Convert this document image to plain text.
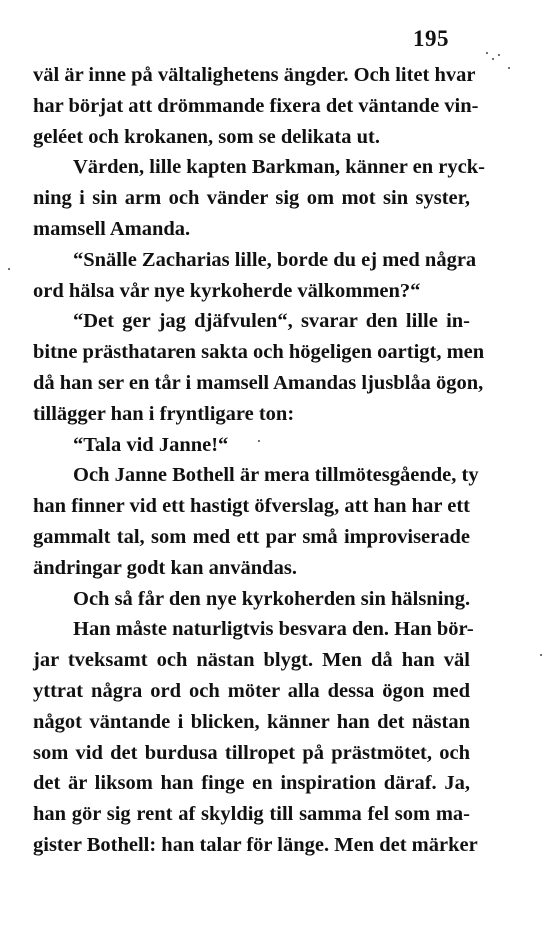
195
väl är inne på vältalighetens ängder. Och litet hvar
har börjat att drömmande fixera det väntande vin-
geléet och krokanen, som se delikata ut.
Värden, lille kapten Barkman, känner en ryck-
ning i sin arm och vänder sig om mot sin syster,
mamsell Amanda.
“Snälle Zacharias lille, borde du ej med några
ord hälsa vår nye kyrkoherde välkommen?“
“Det ger jag djäfvulen“, svarar den lille in-
bitne prästhataren sakta och högeligen oartigt, men
då han ser en tår i mamsell Amandas ljusblåa ögon,
tillägger han i fryntligare ton:
“Tala vid Janne!“
Och Janne Bothell är mera tillmötesgående, ty
han finner vid ett hastigt öfverslag, att han har ett
gammalt tal, som med ett par små improviserade
ändringar godt kan användas.
Och så får den nye kyrkoherden sin hälsning.
Han måste naturligtvis besvara den. Han bör-
jar tveksamt och nästan blygt. Men då han väl
yttrat några ord och möter alla dessa ögon med
något väntande i blicken, känner han det nästan
som vid det burdusa tillropet på prästmötet, och
det är liksom han finge en inspiration däraf. Ja,
han gör sig rent af skyldig till samma fel som ma-
gister Bothell: han talar för länge. Men det märker
